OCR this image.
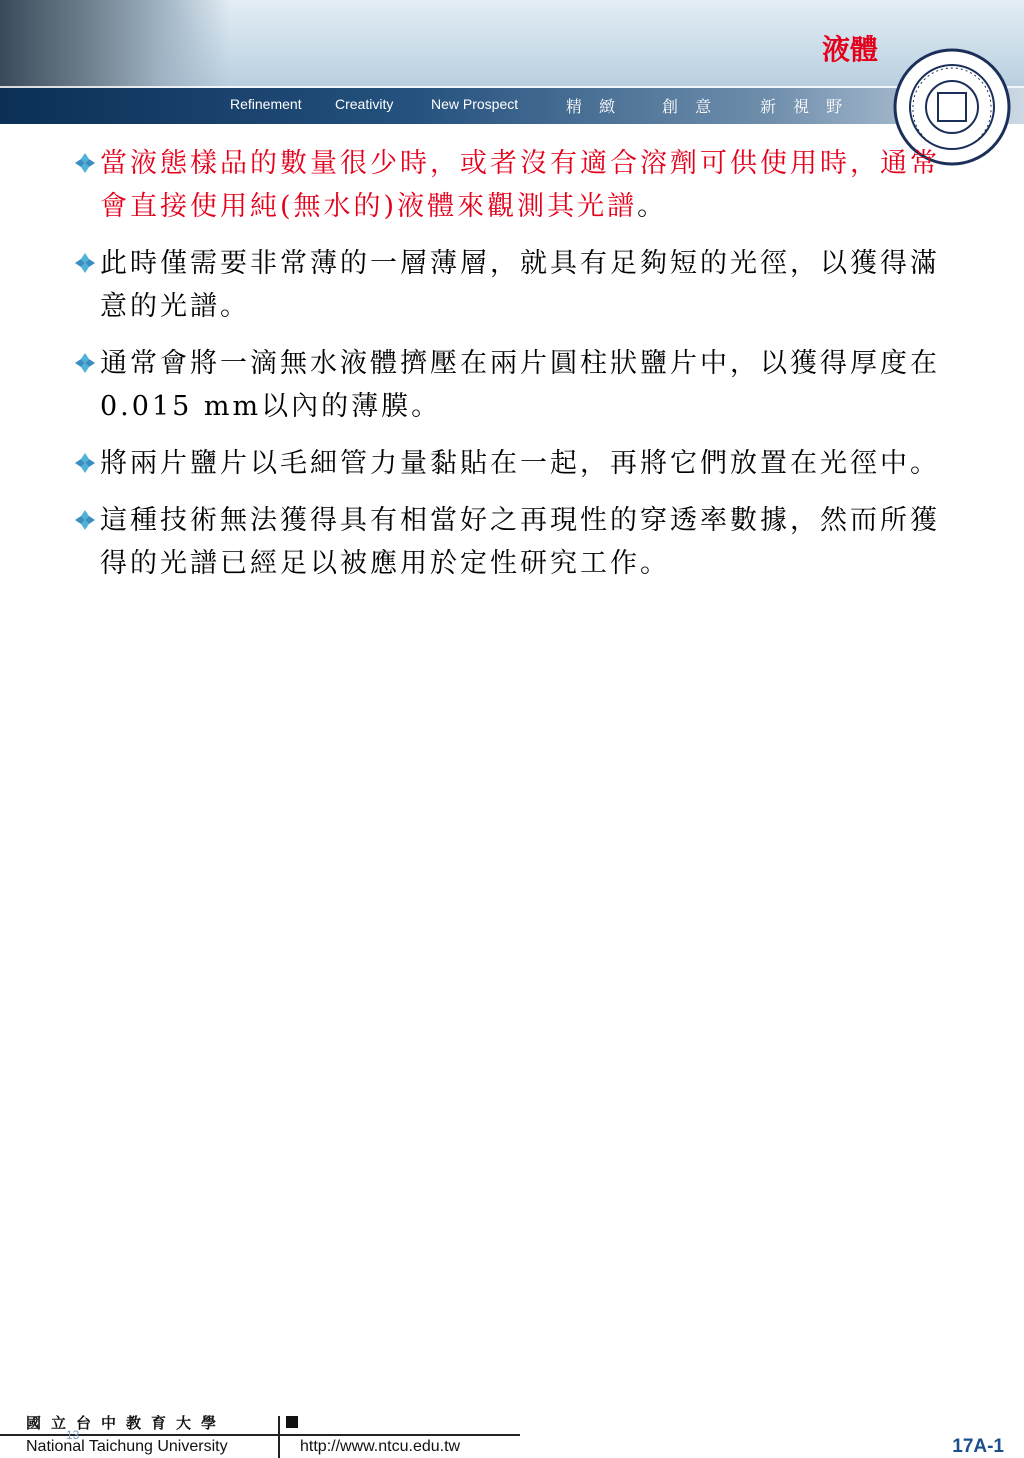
Refinement Creativity	New Prospect	精 緻	創 意	新 視 野
液體
當液態樣品的數量很少時，或者沒有適合溶劑可供使用時，通常會直接使用純(無水的)液體來觀測其光譜。
此時僅需要非常薄的一層薄層，就具有足夠短的光徑，以獲得滿意的光譜。
通常會將一滴無水液體擠壓在兩片圓柱狀鹽片中，以獲得厚度在0.015 mm以內的薄膜。
將兩片鹽片以毛細管力量黏貼在一起，再將它們放置在光徑中。
這種技術無法獲得具有相當好之再現性的穿透率數據，然而所獲得的光譜已經足以被應用於定性研究工作。
國立台中教育大學
13
National Taichung University	http://www.ntcu.edu.tw	17A-1
